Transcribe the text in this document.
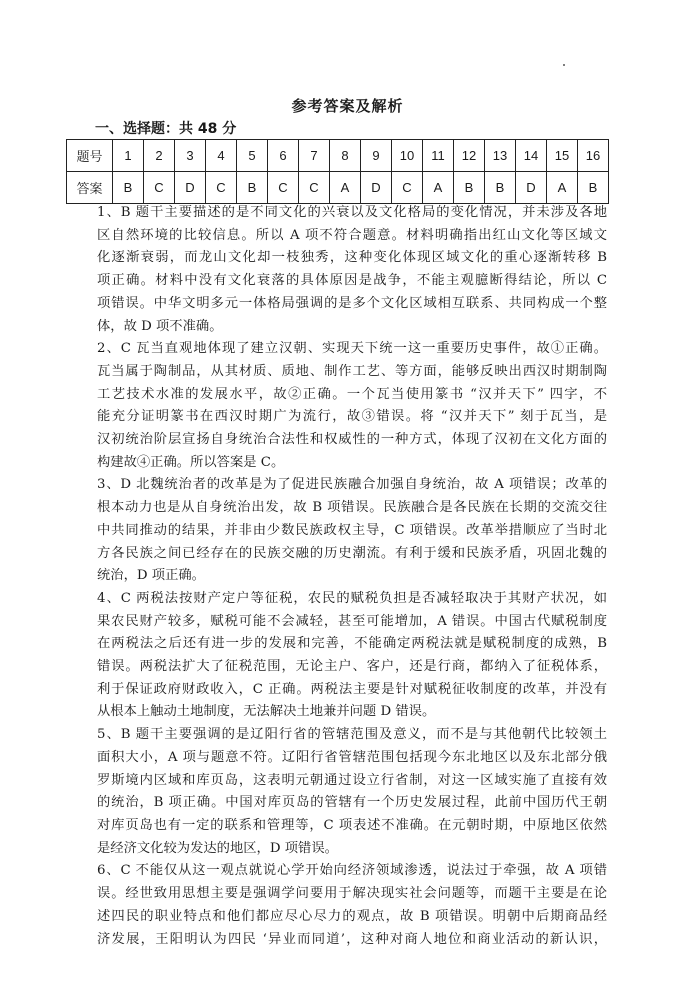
参考答案及解析
一、选择题：共 48 分
题号	1	2	3	4	5	6	7	8	9	10	11	12	13	14	15	16
答案	B	C	D	C	B	C	C	A	D	C	A	B	B	D	A	B

1、B 题干主要描述的是不同文化的兴衰以及文化格局的变化情况，并未涉及各地

区自然环境的比较信息。所以 A 项不符合题意。材料明确指出红山文化等区域文

化逐渐衰弱，而龙山文化却一枝独秀，这种变化体现区域文化的重心逐渐转移 B

项正确。材料中没有文化衰落的具体原因是战争，不能主观臆断得结论，所以 C

项错误。中华文明多元一体格局强调的是多个文化区域相互联系、共同构成一个整

体，故 D 项不准确。

2、C 瓦当直观地体现了建立汉朝、实现天下统一这一重要历史事件，故①正确。

瓦当属于陶制品，从其材质、质地、制作工艺、等方面，能够反映出西汉时期制陶

工艺技术水准的发展水平，故②正确。一个瓦当使用篆书 “汉并天下” 四字，不

能充分证明篆书在西汉时期广为流行，故③错误。将 “汉并天下” 刻于瓦当，是

汉初统治阶层宣扬自身统治合法性和权威性的一种方式，体现了汉初在文化方面的

构建故④正确。所以答案是 C。

3、D 北魏统治者的改革是为了促进民族融合加强自身统治，故 A 项错误；改革的

根本动力也是从自身统治出发，故 B 项错误。民族融合是各民族在长期的交流交往

中共同推动的结果，并非由少数民族政权主导，C 项错误。改革举措顺应了当时北

方各民族之间已经存在的民族交融的历史潮流。有利于缓和民族矛盾，巩固北魏的

统治，D 项正确。

4、C 两税法按财产定户等征税，农民的赋税负担是否减轻取决于其财产状况，如

果农民财产较多，赋税可能不会减轻，甚至可能增加，A 错误。中国古代赋税制度

在两税法之后还有进一步的发展和完善，不能确定两税法就是赋税制度的成熟，B

错误。两税法扩大了征税范围，无论主户、客户，还是行商，都纳入了征税体系，

利于保证政府财政收入，C 正确。两税法主要是针对赋税征收制度的改革，并没有

从根本上触动土地制度，无法解决土地兼并问题 D 错误。

5、B 题干主要强调的是辽阳行省的管辖范围及意义，而不是与其他朝代比较领土

面积大小，A 项与题意不符。辽阳行省管辖范围包括现今东北地区以及东北部分俄

罗斯境内区域和库页岛，这表明元朝通过设立行省制，对这一区域实施了直接有效

的统治，B 项正确。中国对库页岛的管辖有一个历史发展过程，此前中国历代王朝

对库页岛也有一定的联系和管理等，C 项表述不准确。在元朝时期，中原地区依然

是经济文化较为发达的地区，D 项错误。

6、C 不能仅从这一观点就说心学开始向经济领域渗透，说法过于牵强，故 A 项错

误。经世致用思想主要是强调学问要用于解决现实社会问题等，而题干主要是在论

述四民的职业特点和他们都应尽心尽力的观点，故 B 项错误。明朝中后期商品经

济发展，王阳明认为四民 ‘异业而同道’，这种对商人地位和商业活动的新认识，
